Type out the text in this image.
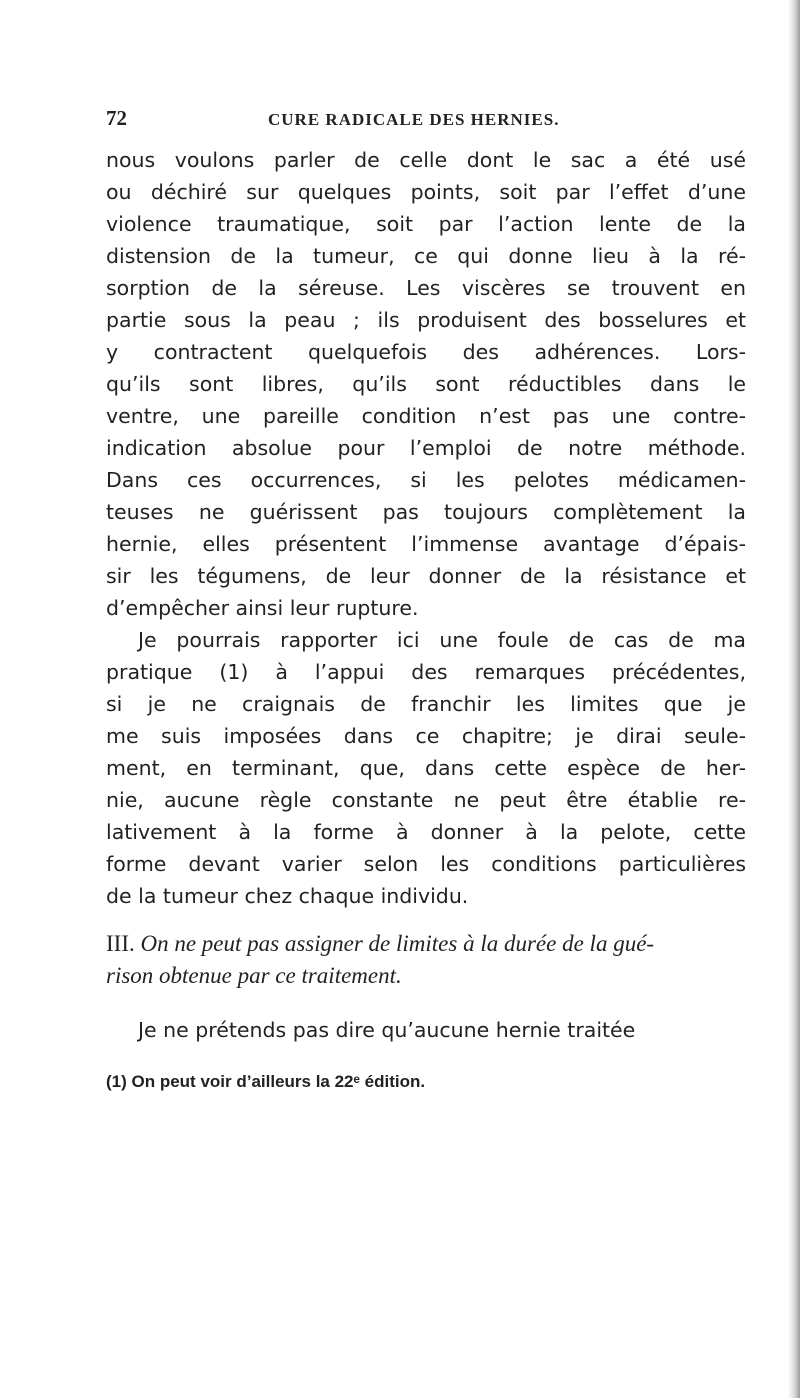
72	CURE RADICALE DES HERNIES.
nous voulons parler de celle dont le sac a été usé
ou déchiré sur quelques points, soit par l’effet d’une
violence traumatique, soit par l’action lente de la
distension de la tumeur, ce qui donne lieu à la ré-
sorption de la séreuse. Les viscères se trouvent en
partie sous la peau ; ils produisent des bosselures et
y contractent quelquefois des adhérences. Lors-
qu’ils sont libres, qu’ils sont réductibles dans le
ventre, une pareille condition n’est pas une contre-
indication absolue pour l’emploi de notre méthode.
Dans ces occurrences, si les pelotes médicamen-
teuses ne guérissent pas toujours complètement la
hernie, elles présentent l’immense avantage d’épais-
sir les tégumens, de leur donner de la résistance et
d’empêcher ainsi leur rupture.
Je pourrais rapporter ici une foule de cas de ma
pratique (1) à l’appui des remarques précédentes,
si je ne craignais de franchir les limites que je
me suis imposées dans ce chapitre; je dirai seule-
ment, en terminant, que, dans cette espèce de her-
nie, aucune règle constante ne peut être établie re-
lativement à la forme à donner à la pelote, cette
forme devant varier selon les conditions particulières
de la tumeur chez chaque individu.
III. On ne peut pas assigner de limites à la durée de la gué-
rison obtenue par ce traitement.
Je ne prétends pas dire qu’aucune hernie traitée
(1) On peut voir d’ailleurs la 22ᵉ édition.
